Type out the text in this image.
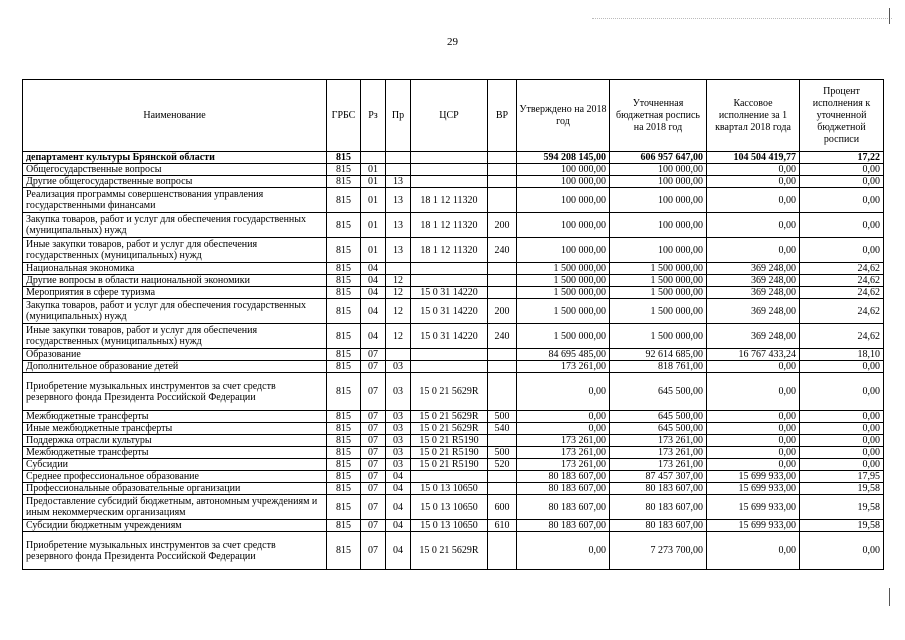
29
Наименование	ГРБС	Рз	Пр	ЦСР	ВР	Утверждено на 2018 год	Уточненная бюджетная роспись на 2018 год	Кассовое исполнение за 1 квартал 2018 года	Процент исполнения к уточненной бюджетной росписи
департамент культуры Брянской области	815					594 208 145,00	606 957 647,00	104 504 419,77	17,22
Общегосударственные вопросы	815	01				100 000,00	100 000,00	0,00	0,00
Другие общегосударственные вопросы	815	01	13			100 000,00	100 000,00	0,00	0,00
Реализация программы совершенствования управления государственными финансами	815	01	13	18 1 12 11320		100 000,00	100 000,00	0,00	0,00
Закупка товаров, работ и услуг для обеспечения государственных (муниципальных) нужд	815	01	13	18 1 12 11320	200	100 000,00	100 000,00	0,00	0,00
Иные закупки товаров, работ и услуг для обеспечения государственных (муниципальных) нужд	815	01	13	18 1 12 11320	240	100 000,00	100 000,00	0,00	0,00
Национальная экономика	815	04				1 500 000,00	1 500 000,00	369 248,00	24,62
Другие вопросы в области национальной экономики	815	04	12			1 500 000,00	1 500 000,00	369 248,00	24,62
Мероприятия в сфере туризма	815	04	12	15 0 31 14220		1 500 000,00	1 500 000,00	369 248,00	24,62
Закупка товаров, работ и услуг для обеспечения государственных (муниципальных) нужд	815	04	12	15 0 31 14220	200	1 500 000,00	1 500 000,00	369 248,00	24,62
Иные закупки товаров, работ и услуг для обеспечения государственных (муниципальных) нужд	815	04	12	15 0 31 14220	240	1 500 000,00	1 500 000,00	369 248,00	24,62
Образование	815	07				84 695 485,00	92 614 685,00	16 767 433,24	18,10
Дополнительное образование детей	815	07	03			173 261,00	818 761,00	0,00	0,00
Приобретение музыкальных инструментов за счет средств резервного фонда Президента Российской Федерации	815	07	03	15 0 21 5629R		0,00	645 500,00	0,00	0,00
Межбюджетные трансферты	815	07	03	15 0 21 5629R	500	0,00	645 500,00	0,00	0,00
Иные межбюджетные трансферты	815	07	03	15 0 21 5629R	540	0,00	645 500,00	0,00	0,00
Поддержка отрасли культуры	815	07	03	15 0 21 R5190		173 261,00	173 261,00	0,00	0,00
Межбюджетные трансферты	815	07	03	15 0 21 R5190	500	173 261,00	173 261,00	0,00	0,00
Субсидии	815	07	03	15 0 21 R5190	520	173 261,00	173 261,00	0,00	0,00
Среднее профессиональное образование	815	07	04			80 183 607,00	87 457 307,00	15 699 933,00	17,95
Профессиональные образовательные организации	815	07	04	15 0 13 10650		80 183 607,00	80 183 607,00	15 699 933,00	19,58
Предоставление субсидий бюджетным, автономным учреждениям и иным некоммерческим организациям	815	07	04	15 0 13 10650	600	80 183 607,00	80 183 607,00	15 699 933,00	19,58
Субсидии бюджетным учреждениям	815	07	04	15 0 13 10650	610	80 183 607,00	80 183 607,00	15 699 933,00	19,58
Приобретение музыкальных инструментов за счет средств резервного фонда Президента Российской Федерации	815	07	04	15 0 21 5629R		0,00	7 273 700,00	0,00	0,00
